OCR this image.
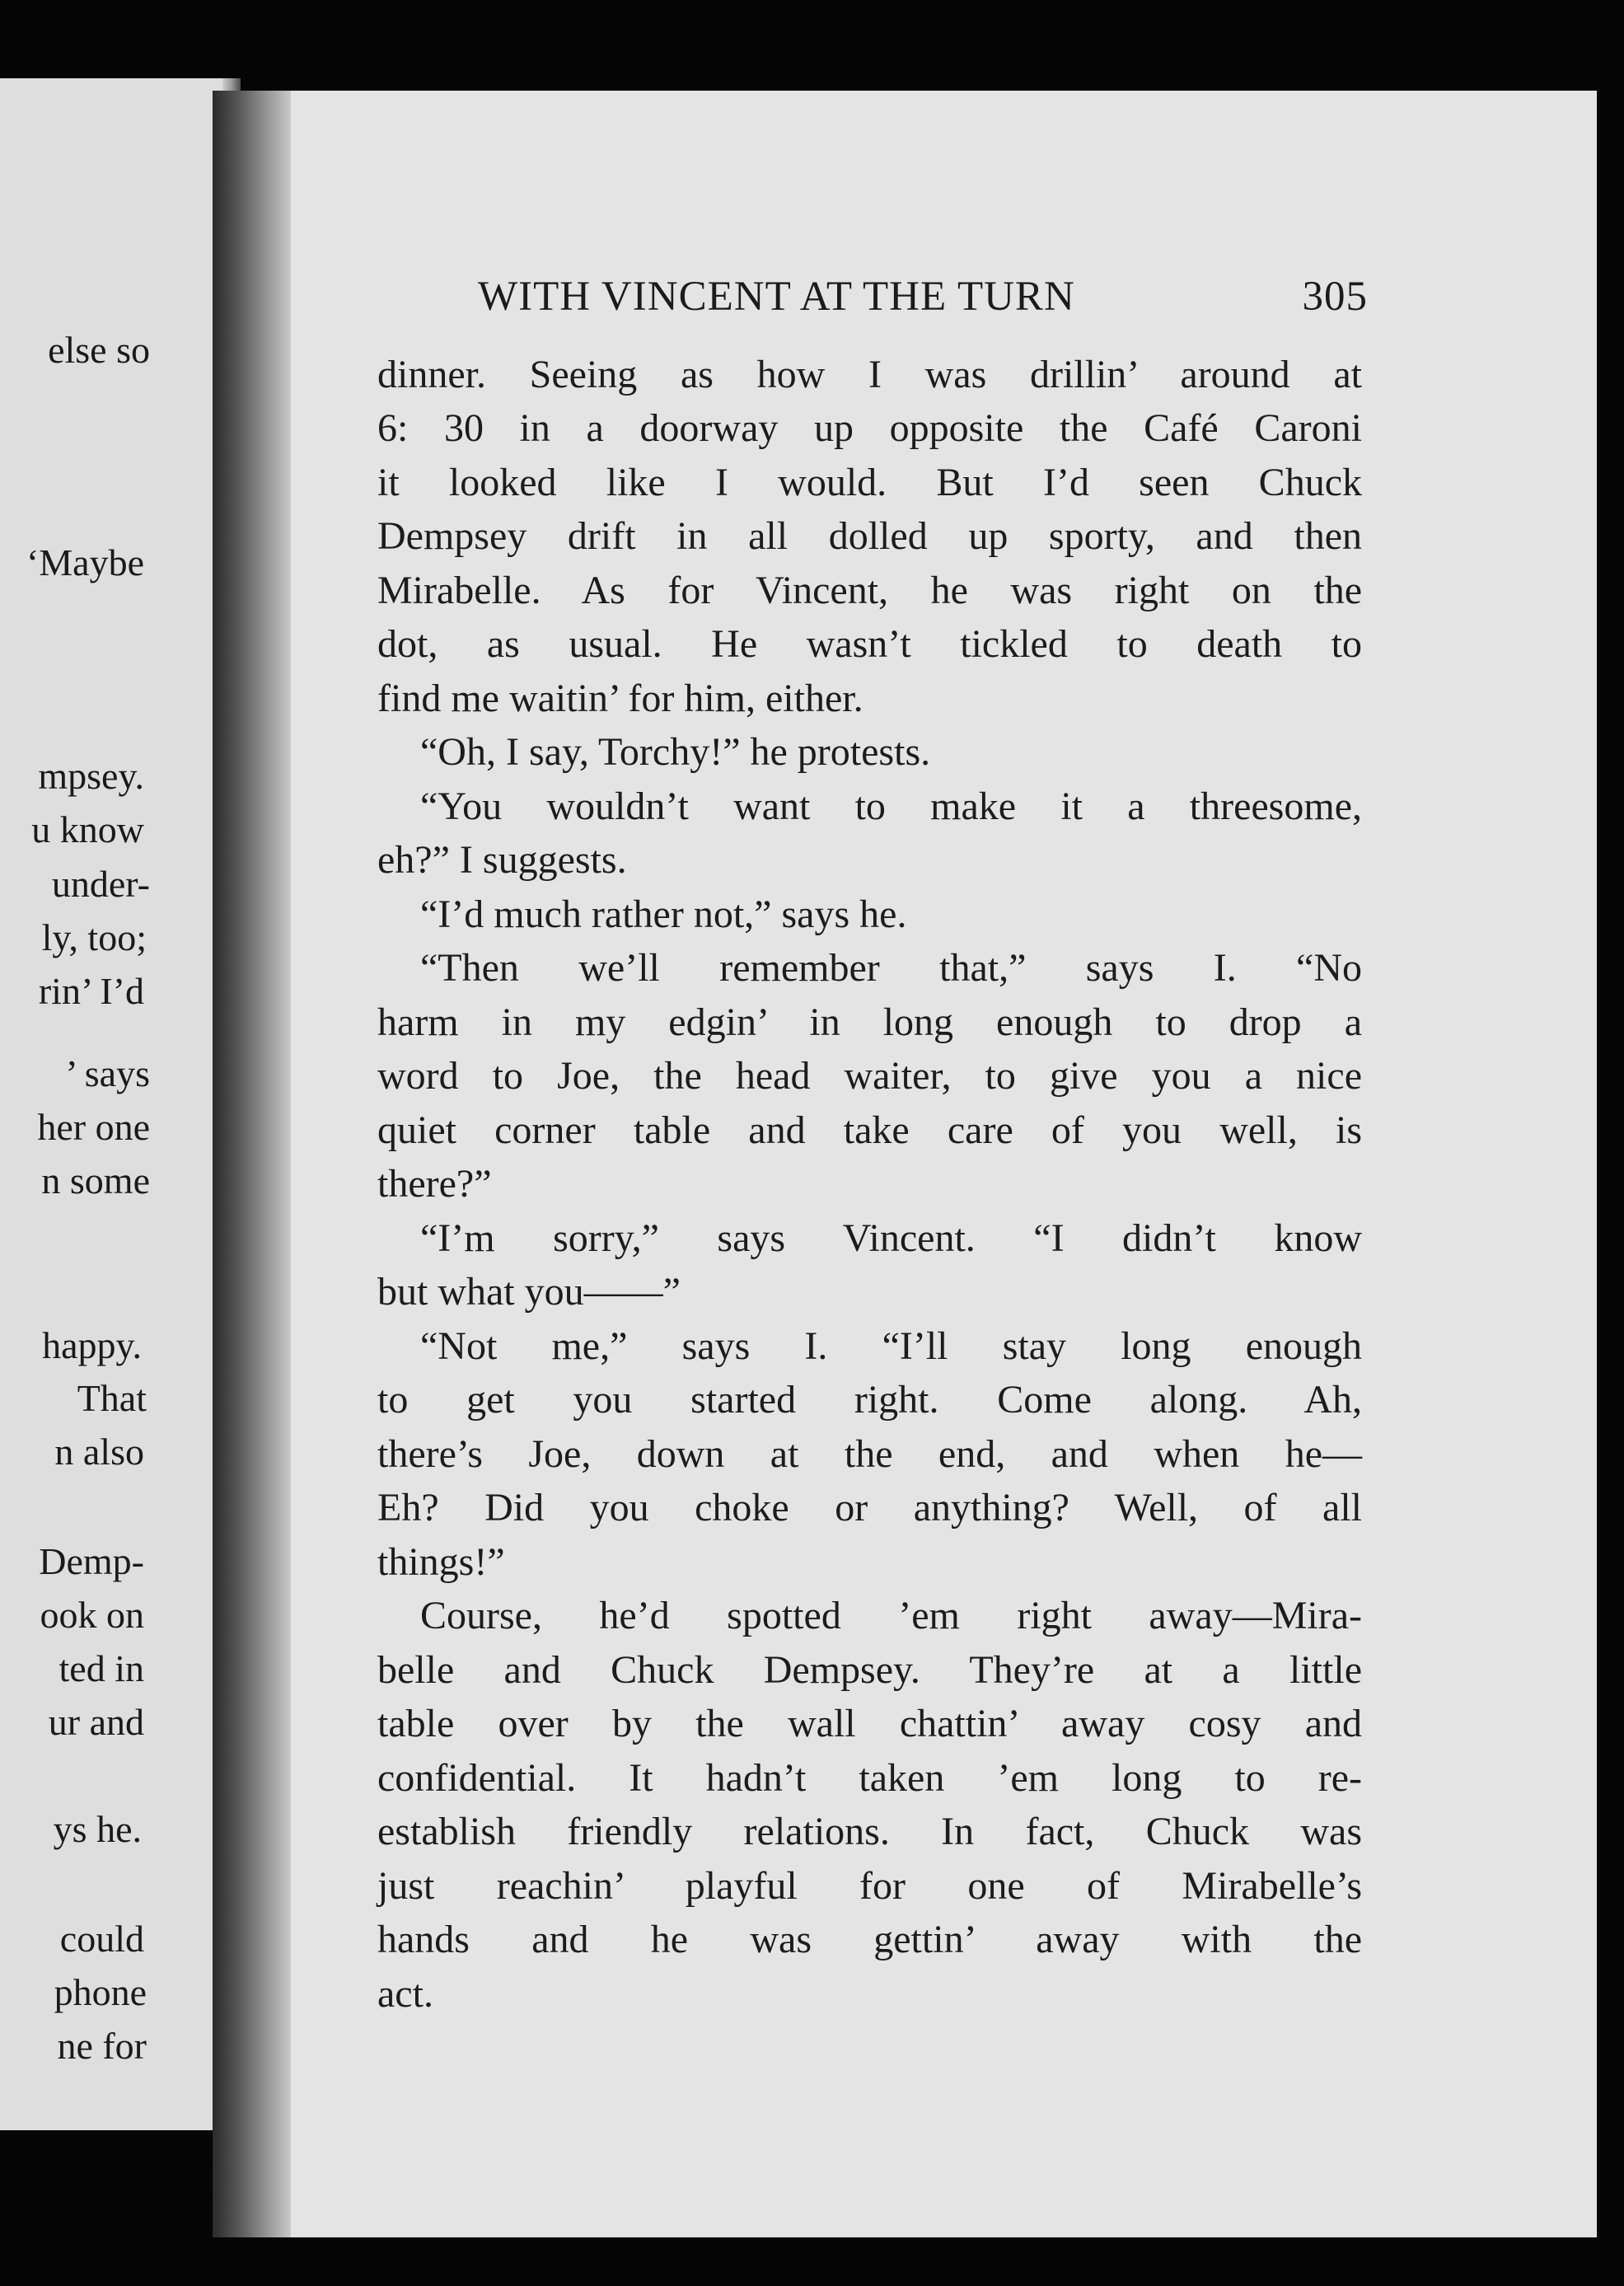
else so
‘Maybe
mpsey.
u know
under-
ly, too;
rin’ I’d
’ says
her one
n some
happy.
That
n also
Demp-
ook on
ted in
ur and
ys he.
could
phone
ne for
WITH VINCENT AT THE TURN	305
dinner. Seeing as how I was drillin’ around at
6: 30 in a doorway up opposite the Café Caroni
it looked like I would. But I’d seen Chuck
Dempsey drift in all dolled up sporty, and then
Mirabelle. As for Vincent, he was right on the
dot, as usual. He wasn’t tickled to death to
find me waitin’ for him, either.
“Oh, I say, Torchy!” he protests.
“You wouldn’t want to make it a threesome,
eh?” I suggests.
“I’d much rather not,” says he.
“Then we’ll remember that,” says I. “No
harm in my edgin’ in long enough to drop a
word to Joe, the head waiter, to give you a nice
quiet corner table and take care of you well, is
there?”
“I’m sorry,” says Vincent. “I didn’t know
but what you——”
“Not me,” says I. “I’ll stay long enough
to get you started right. Come along. Ah,
there’s Joe, down at the end, and when he—
Eh? Did you choke or anything? Well, of all
things!”
Course, he’d spotted ’em right away—Mira-
belle and Chuck Dempsey. They’re at a little
table over by the wall chattin’ away cosy and
confidential. It hadn’t taken ’em long to re-
establish friendly relations. In fact, Chuck was
just reachin’ playful for one of Mirabelle’s
hands and he was gettin’ away with the
act.
